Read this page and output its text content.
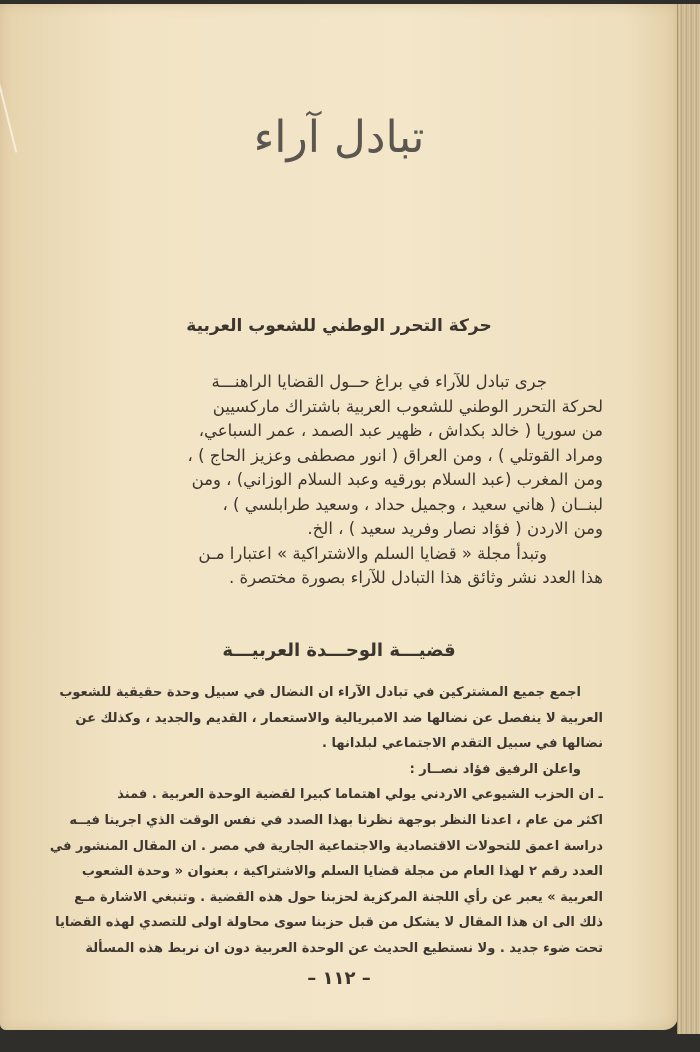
تبادل آراء
حركة التحرر الوطني للشعوب العربية
جرى تبادل للآراء في براغ حــول القضايا الراهنـــة
لحركة التحرر الوطني للشعوب العربية باشتراك ماركسيين
من سوريا ( خالد بكداش ، ظهير عبد الصمد ، عمر السباعي،
ومراد القوتلي ) ، ومن العراق ( انور مصطفى وعزيز الحاج ) ،
ومن المغرب (عبد السلام بورقيه وعبد السلام الوزاني) ، ومن
لبنــان ( هاني سعيد ، وجميل حداد ، وسعيد طرابلسي ) ،
ومن الاردن ( فؤاد نصار وفريد سعيد ) ، الخ.
وتبدأ مجلة « قضايا السلم والاشتراكية » اعتبارا مـن
هذا العدد نشر وثائق هذا التبادل للآراء بصورة مختصرة .
قضيـــة الوحـــدة العربيـــة
اجمع جميع المشتركين في تبادل الآراء ان النضال في سبيل وحدة حقيقية للشعوب
العربية لا ينفصل عن نضالها ضد الامبريالية والاستعمار ، القديم والجديد ، وكذلك عن
نضالها في سبيل التقدم الاجتماعي لبلدانها .
واعلن الرفيق فؤاد نصــار :
ـ ان الحزب الشيوعي الاردني يولي اهتماما كبيرا لقضية الوحدة العربية . فمنذ
اكثر من عام ، اعدنا النظر بوجهة نظرنا بهذا الصدد في نفس الوقت الذي اجرينا فيــه
دراسة اعمق للتحولات الاقتصادية والاجتماعية الجارية في مصر . ان المقال المنشور في
العدد رقم ٢ لهذا العام من مجلة قضايا السلم والاشتراكية ، بعنوان « وحدة الشعوب
العربية » يعبر عن رأي اللجنة المركزية لحزبنا حول هذه القضية . وتنبغي الاشارة مـع
ذلك الى ان هذا المقال لا يشكل من قبل حزبنا سوى محاولة اولى للتصدي لهذه القضايا
تحت ضوء جديد . ولا نستطيع الحديث عن الوحدة العربية دون ان نربط هذه المسألة
– ١١٢ –
